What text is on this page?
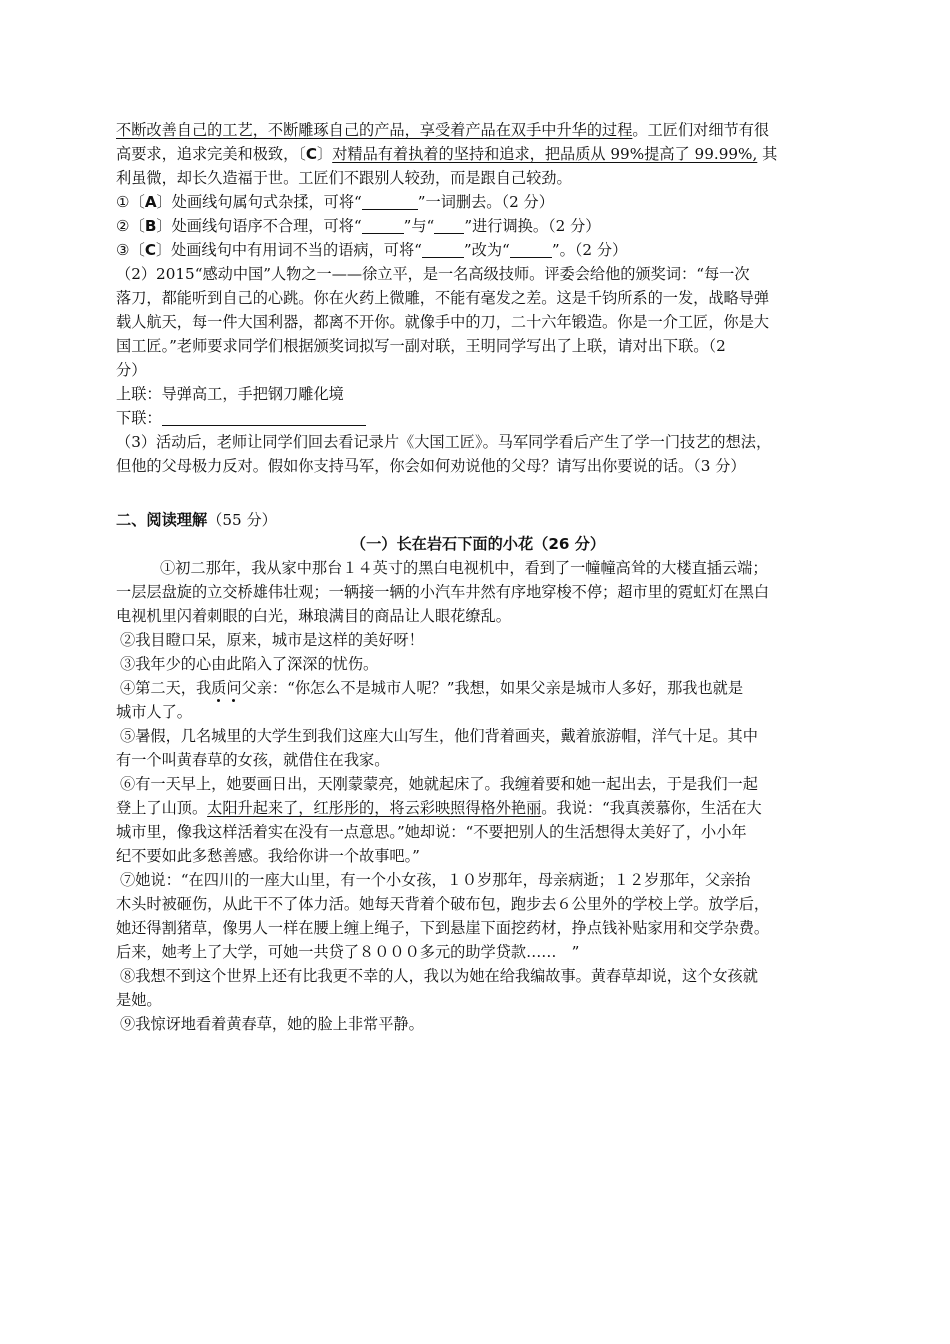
不断改善自己的工艺，不断雕琢自己的产品，享受着产品在双手中升华的过程。工匠们对细节有很

高要求，追求完美和极致，〔C〕对精品有着执着的坚持和追求，把品质从 99%提高了 99.99%, 其

利虽微，却长久造福于世。工匠们不跟别人较劲，而是跟自己较劲。

①〔A〕处画线句属句式杂揉，可将“	”一词删去。（2 分）

②〔B〕处画线句语序不合理，可将“	”与“ ”进行调换。（2 分）

③〔C〕处画线句中有用词不当的语病，可将“	”改为“	”。（2 分）

（2）2015“感动中国”人物之一——徐立平，是一名高级技师。评委会给他的颁奖词：“每一次

落刀，都能听到自己的心跳。你在火药上微雕，不能有毫发之差。这是千钧所系的一发，战略导弹

载人航天，每一件大国利器，都离不开你。就像手中的刀，二十六年锻造。你是一介工匠，你是大

国工匠。”老师要求同学们根据颁奖词拟写一副对联，王明同学写出了上联，请对出下联。（2

分）

上联：导弹高工，手把钢刀雕化境

下联：

（3）活动后，老师让同学们回去看记录片《大国工匠》。马军同学看后产生了学一门技艺的想法，

但他的父母极力反对。假如你支持马军，你会如何劝说他的父母？请写出你要说的话。（3 分）

二、阅读理解（55 分）

（一）长在岩石下面的小花（26 分）

①初二那年，我从家中那台１４英寸的黑白电视机中，看到了一幢幢高耸的大楼直插云端；

一层层盘旋的立交桥雄伟壮观；一辆接一辆的小汽车井然有序地穿梭不停；超市里的霓虹灯在黑白

电视机里闪着刺眼的白光，琳琅满目的商品让人眼花缭乱。

②我目瞪口呆，原来，城市是这样的美好呀！

③我年少的心由此陷入了深深的忧伤。

④第二天，我质问父亲：“你怎么不是城市人呢？”我想，如果父亲是城市人多好，那我也就是

城市人了。

⑤暑假，几名城里的大学生到我们这座大山写生，他们背着画夹，戴着旅游帽，洋气十足。其中

有一个叫黄春草的女孩，就借住在我家。

⑥有一天早上，她要画日出，天刚蒙蒙亮，她就起床了。我缠着要和她一起出去，于是我们一起

登上了山顶。太阳升起来了，红彤彤的，将云彩映照得格外艳丽。我说：“我真羡慕你，生活在大

城市里，像我这样活着实在没有一点意思。”她却说：“不要把别人的生活想得太美好了，小小年

纪不要如此多愁善感。我给你讲一个故事吧。”

⑦她说：“在四川的一座大山里，有一个小女孩，１０岁那年，母亲病逝；１２岁那年，父亲抬

木头时被砸伤，从此干不了体力活。她每天背着个破布包，跑步去６公里外的学校上学。放学后，

她还得割猪草，像男人一样在腰上缠上绳子，下到悬崖下面挖药材，挣点钱补贴家用和交学杂费。

后来，她考上了大学，可她一共贷了８０００多元的助学贷款……　”

⑧我想不到这个世界上还有比我更不幸的人，我以为她在给我编故事。黄春草却说，这个女孩就

是她。

⑨我惊讶地看着黄春草，她的脸上非常平静。
